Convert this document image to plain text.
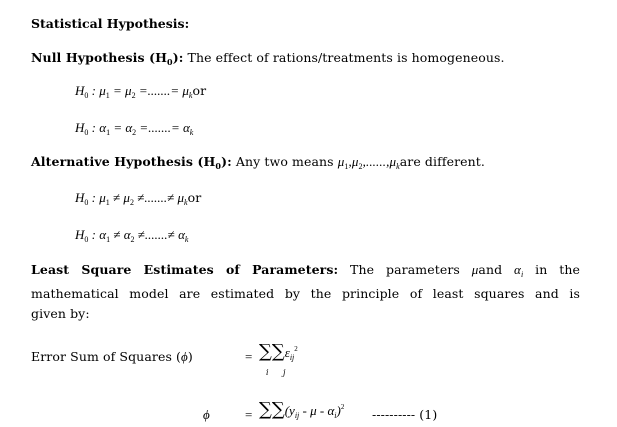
Statistical Hypothesis:
Null Hypothesis $(H_0)$: The effect of rations/treatments is homogeneous.
$H_0$ : $\mu_1 = \mu_2$ =.......= $\mu_kor$
$H_0$ : $\alpha_1 = \alpha_2$ =.......= $\alpha_k$
Alternative Hypothesis $(H_0)$: Any two means $\mu_1,\mu_2,......,\mu_kare$ different.
$H_0$ : $\mu_1 \ne \mu_2$ ≠.......≠ $\mu_kor$
$H_0$ : $\alpha_1 \ne \alpha_2$ ≠.......≠ $\alpha_k$
Least Square Estimates of Parameters: The parameters μand $\alpha_i$ in the
mathematical model are estimated by the principle of least squares and is
given by:
Error Sum of Squares (ϕ)	= $\sum\sum\varepsilon_{ij}^2$
i j
ϕ	= $\sum\sum(y_{ij}$ - μ - $\alpha_i)^2$ ---------- (1)
